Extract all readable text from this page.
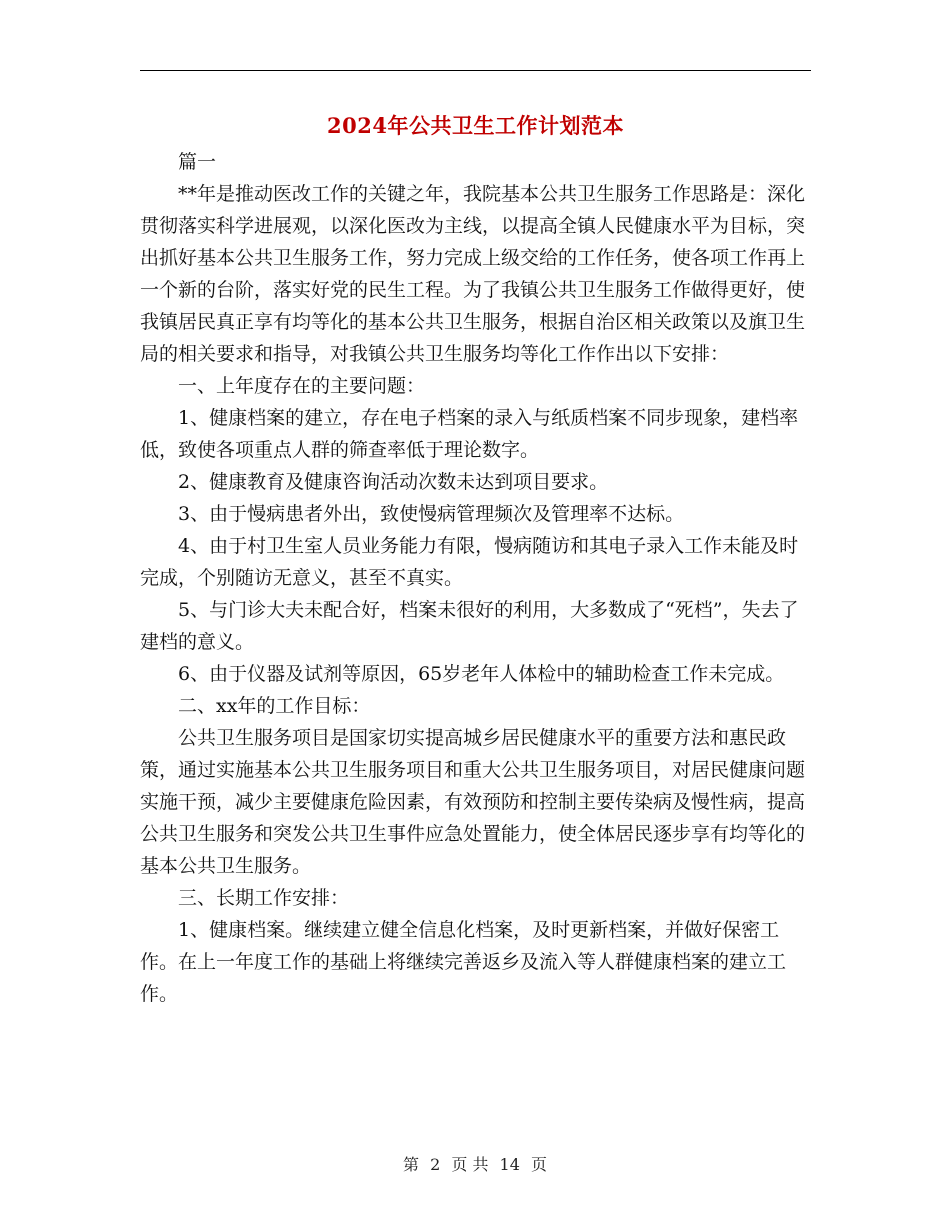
2024年公共卫生工作计划范本

篇一

**年是推动医改工作的关键之年，我院基本公共卫生服务工作思路是：深化贯彻落实科学进展观，以深化医改为主线，以提高全镇人民健康水平为目标，突出抓好基本公共卫生服务工作，努力完成上级交给的工作任务，使各项工作再上一个新的台阶，落实好党的民生工程。为了我镇公共卫生服务工作做得更好，使我镇居民真正享有均等化的基本公共卫生服务，根据自治区相关政策以及旗卫生局的相关要求和指导，对我镇公共卫生服务均等化工作作出以下安排：

一、上年度存在的主要问题：

1、健康档案的建立，存在电子档案的录入与纸质档案不同步现象，建档率低，致使各项重点人群的筛查率低于理论数字。

2、健康教育及健康咨询活动次数未达到项目要求。

3、由于慢病患者外出，致使慢病管理频次及管理率不达标。

4、由于村卫生室人员业务能力有限，慢病随访和其电子录入工作未能及时完成，个别随访无意义，甚至不真实。

5、与门诊大夫未配合好，档案未很好的利用，大多数成了“死档”，失去了建档的意义。

6、由于仪器及试剂等原因，65岁老年人体检中的辅助检查工作未完成。

二、xx年的工作目标：

公共卫生服务项目是国家切实提高城乡居民健康水平的重要方法和惠民政策，通过实施基本公共卫生服务项目和重大公共卫生服务项目，对居民健康问题实施干预，减少主要健康危险因素，有效预防和控制主要传染病及慢性病，提高公共卫生服务和突发公共卫生事件应急处置能力，使全体居民逐步享有均等化的基本公共卫生服务。

三、长期工作安排：

1、健康档案。继续建立健全信息化档案，及时更新档案，并做好保密工作。在上一年度工作的基础上将继续完善返乡及流入等人群健康档案的建立工作。

第 2 页 共 14 页
